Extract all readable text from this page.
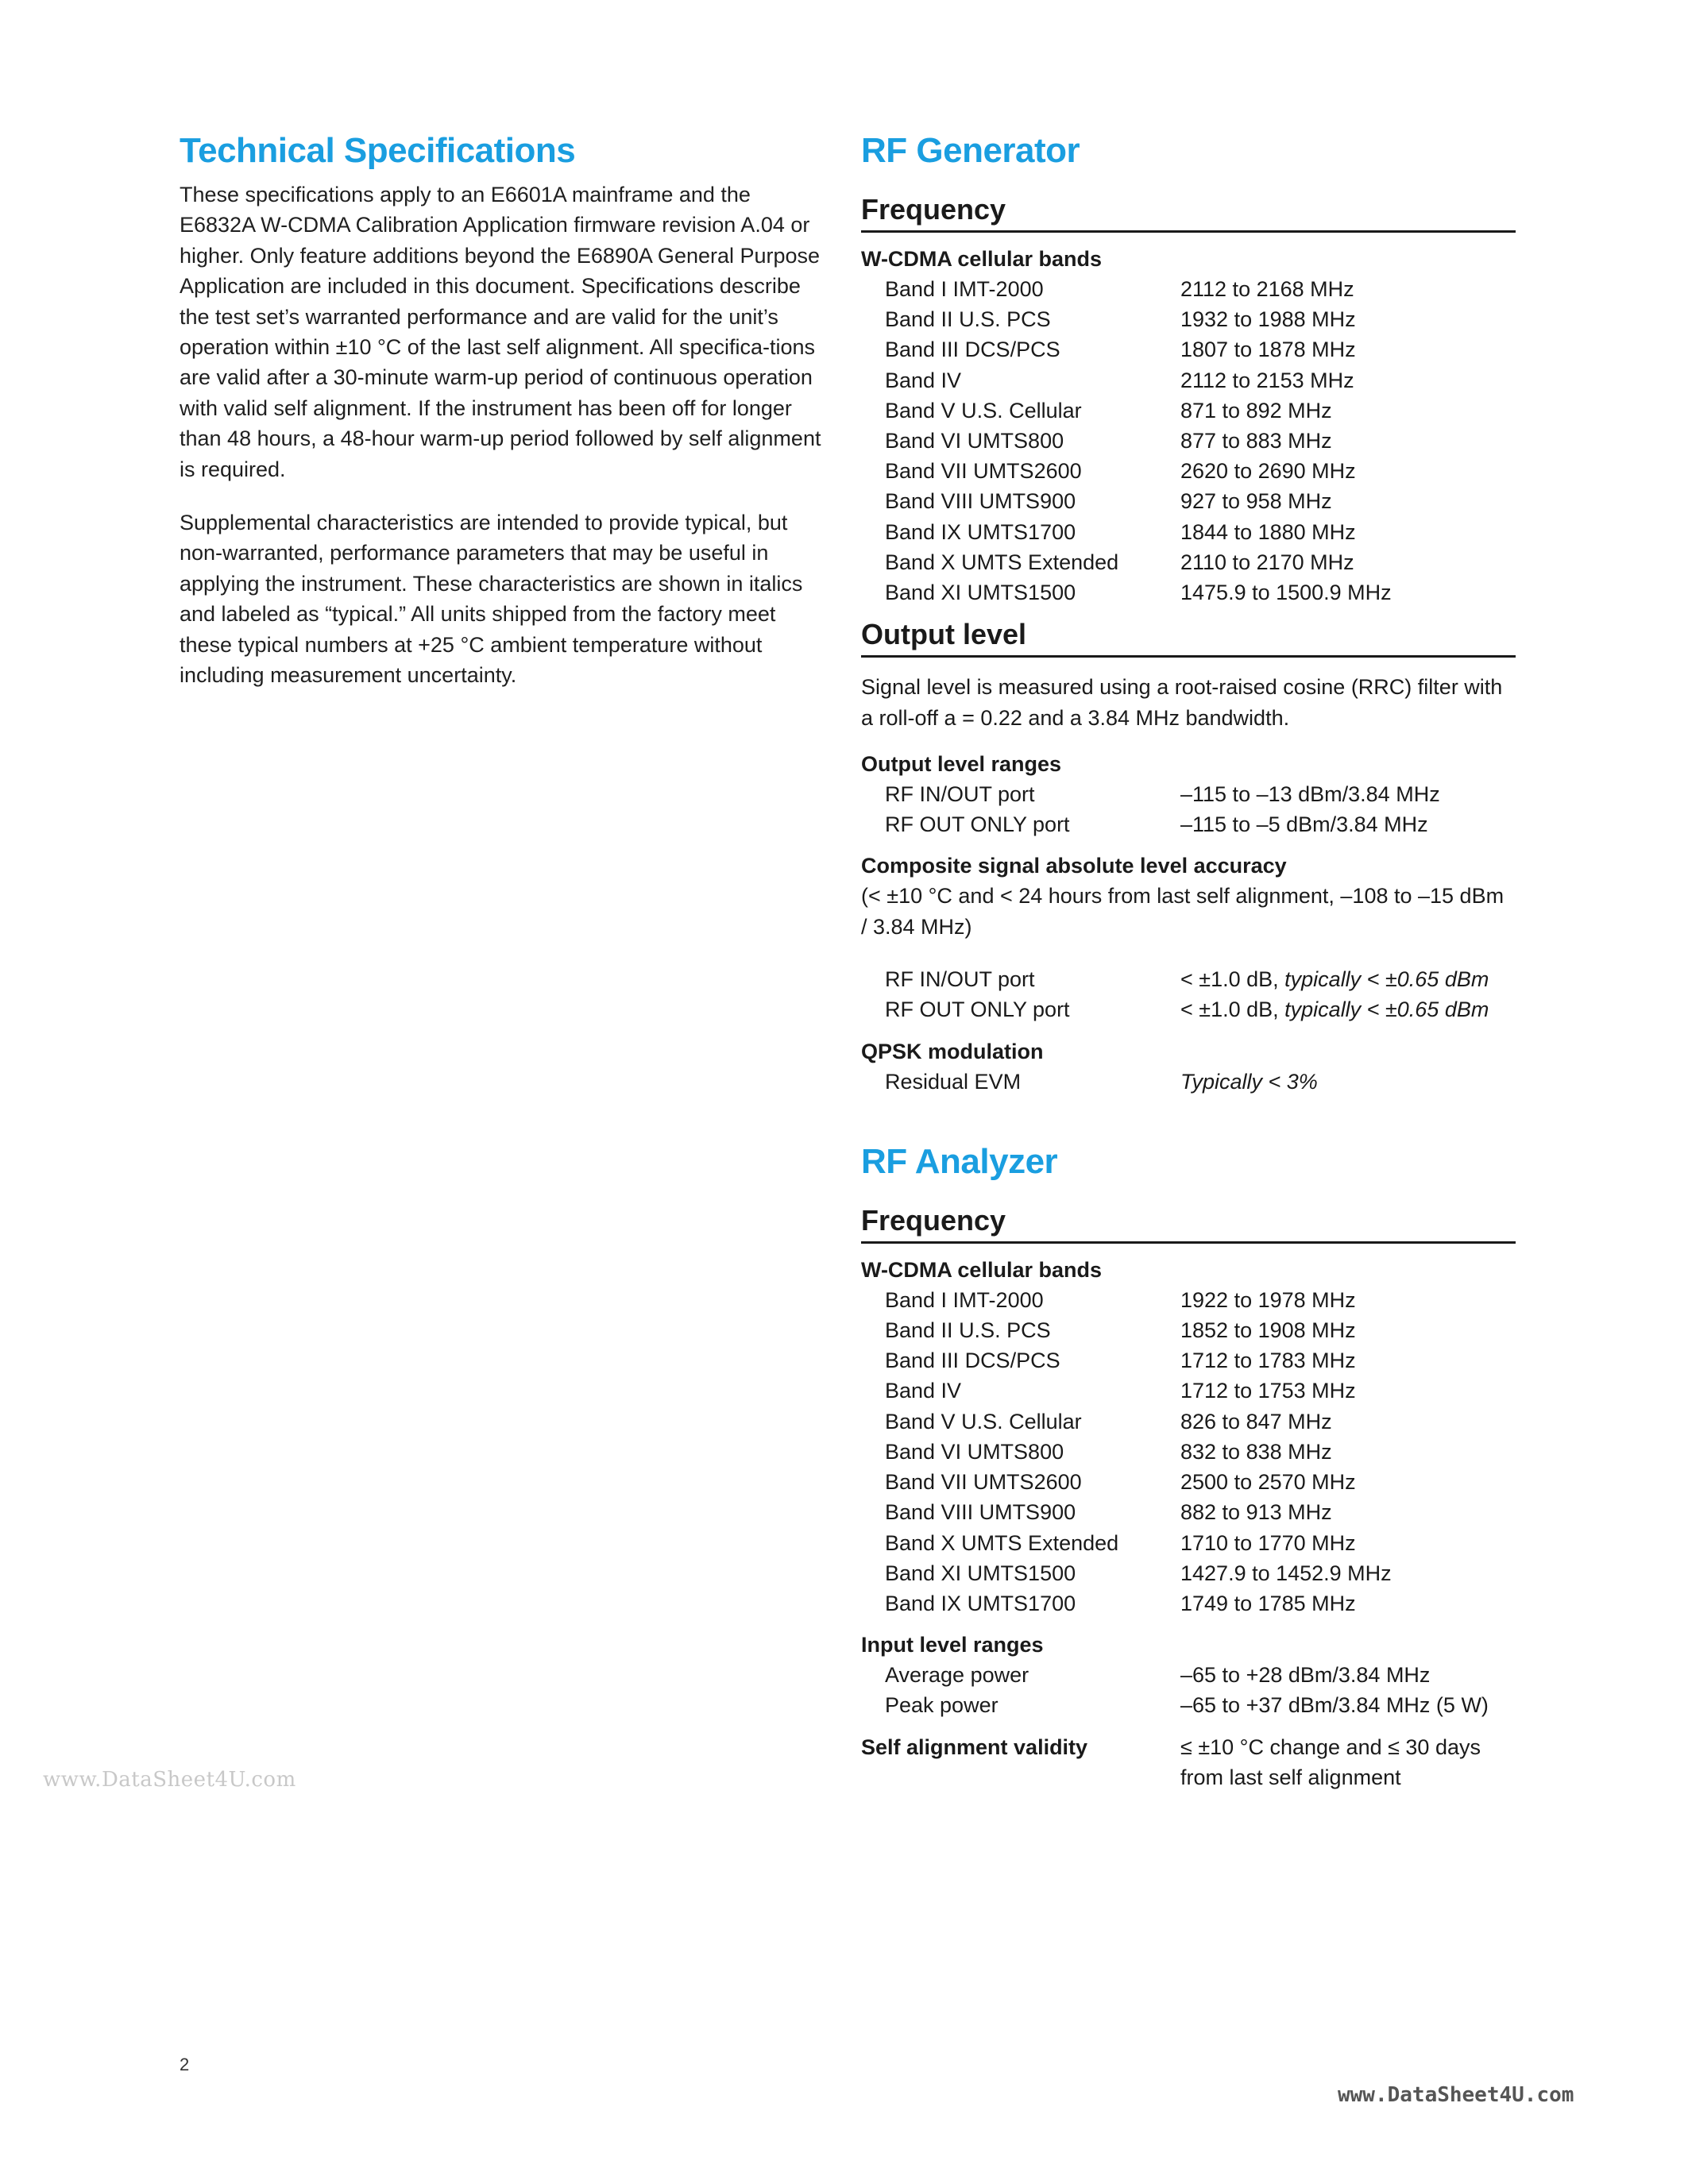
Technical Specifications

These specifications apply to an E6601A mainframe and the E6832A W-CDMA Calibration Application firmware revision A.04 or higher. Only feature additions beyond the E6890A General Purpose Application are included in this document. Specifications describe the test set’s warranted performance and are valid for the unit’s operation within ±10 °C of the last self alignment. All specifica-tions are valid after a 30-minute warm-up period of continuous operation with valid self alignment. If the instrument has been off for longer than 48 hours, a 48-hour warm-up period followed by self alignment is required.

Supplemental characteristics are intended to provide typical, but non-warranted, performance parameters that may be useful in applying the instrument. These characteristics are shown in italics and labeled as “typical.” All units shipped from the factory meet these typical numbers at +25 °C ambient temperature without including measurement uncertainty.

RF Generator
Frequency
W-CDMA cellular bands
Band I IMT-2000	2112 to 2168 MHz
Band II U.S. PCS	1932 to 1988 MHz
Band III DCS/PCS	1807 to 1878 MHz
Band IV	2112 to 2153 MHz
Band V U.S. Cellular	871 to 892 MHz
Band VI UMTS800	877 to 883 MHz
Band VII UMTS2600	2620 to 2690 MHz
Band VIII UMTS900	927 to 958 MHz
Band IX UMTS1700	1844 to 1880 MHz
Band X UMTS Extended	2110 to 2170 MHz
Band XI UMTS1500	1475.9 to 1500.9 MHz
Output level
Signal level is measured using a root-raised cosine (RRC) filter with a roll-off a = 0.22 and a 3.84 MHz bandwidth.
Output level ranges
RF IN/OUT port	–115 to –13 dBm/3.84 MHz
RF OUT ONLY port	–115 to –5 dBm/3.84 MHz
Composite signal absolute level accuracy
(< ±10 °C and < 24 hours from last self alignment, –108 to –15 dBm / 3.84 MHz)
RF IN/OUT port	< ±1.0 dB, typically < ±0.65 dBm
RF OUT ONLY port	< ±1.0 dB, typically < ±0.65 dBm
QPSK modulation
Residual EVM	Typically < 3%
RF Analyzer
Frequency
W-CDMA cellular bands
Band I IMT-2000	1922 to 1978 MHz
Band II U.S. PCS	1852 to 1908 MHz
Band III DCS/PCS	1712 to 1783 MHz
Band IV	1712 to 1753 MHz
Band V U.S. Cellular	826 to 847 MHz
Band VI UMTS800	832 to 838 MHz
Band VII UMTS2600	2500 to 2570 MHz
Band VIII UMTS900	882 to 913 MHz
Band X UMTS Extended	1710 to 1770 MHz
Band XI UMTS1500	1427.9 to 1452.9 MHz
Band IX UMTS1700	1749 to 1785 MHz
Input level ranges
Average power	–65 to +28 dBm/3.84 MHz
Peak power	–65 to +37 dBm/3.84 MHz (5 W)
Self alignment validity	≤ ±10 °C change and ≤ 30 days
from last self alignment
www.DataSheet4U.com
2
www.DataSheet4U.com
